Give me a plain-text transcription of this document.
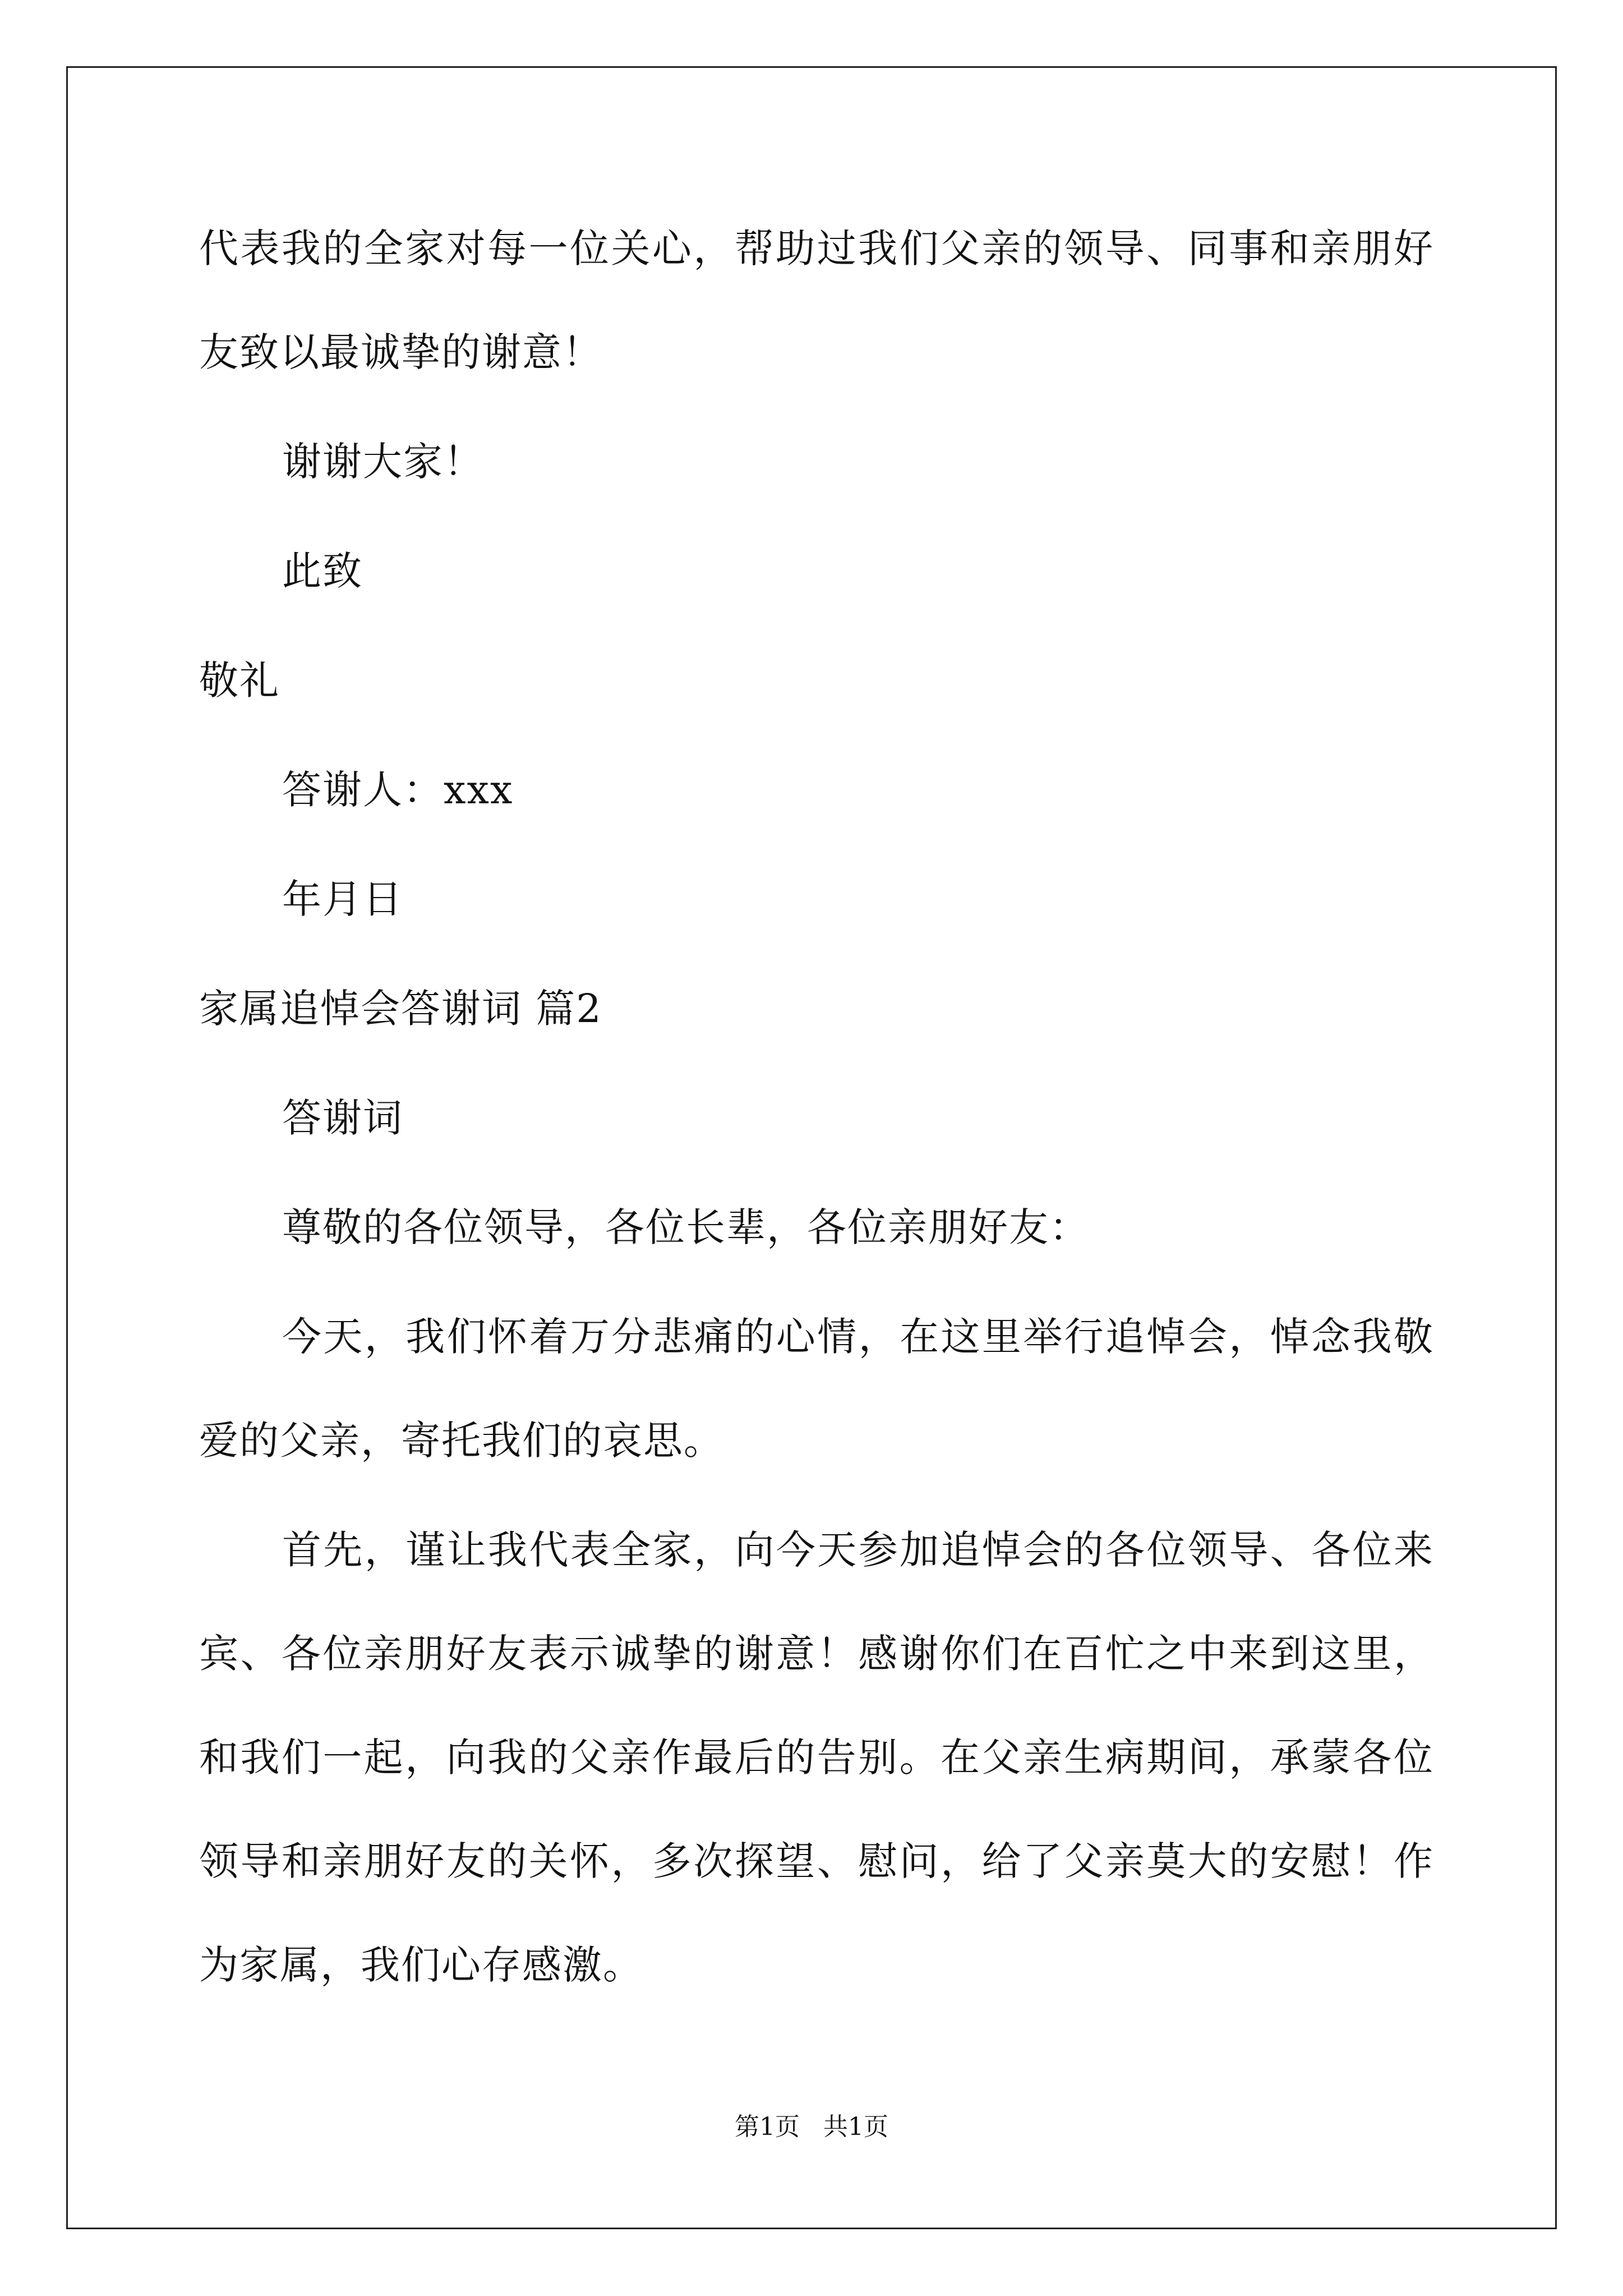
代表我的全家对每一位关心，帮助过我们父亲的领导、同事和亲朋好
友致以最诚挚的谢意！
谢谢大家！
此致
敬礼
答谢人：xxx
年月日
家属追悼会答谢词 篇2
答谢词
尊敬的各位领导，各位长辈，各位亲朋好友：
今天，我们怀着万分悲痛的心情，在这里举行追悼会，悼念我敬
爱的父亲，寄托我们的哀思。
首先，谨让我代表全家，向今天参加追悼会的各位领导、各位来
宾、各位亲朋好友表示诚挚的谢意！感谢你们在百忙之中来到这里，
和我们一起，向我的父亲作最后的告别。在父亲生病期间，承蒙各位
领导和亲朋好友的关怀，多次探望、慰问，给了父亲莫大的安慰！作
为家属，我们心存感激。
第1页   共1页
